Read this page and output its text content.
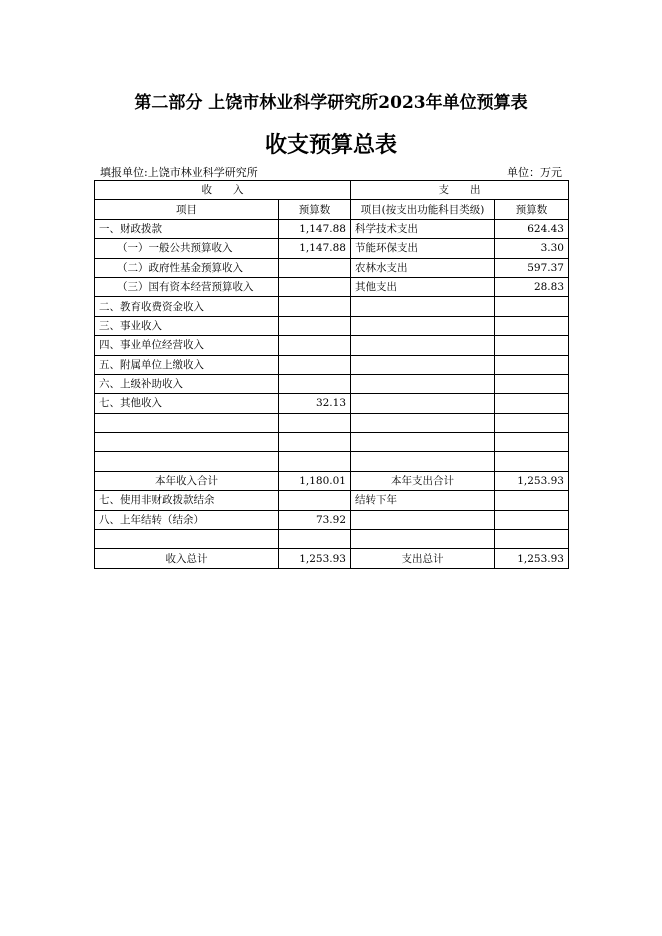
第二部分 上饶市林业科学研究所2023年单位预算表
收支预算总表
填报单位:上饶市林业科学研究所	单位：万元
收　　入		支　　出	
项目	预算数	项目(按支出功能科目类级)	预算数
一、财政拨款	1,147.88	科学技术支出	624.43
（一）一般公共预算收入	1,147.88	节能环保支出	3.30
（二）政府性基金预算收入		农林水支出	597.37
（三）国有资本经营预算收入		其他支出	28.83
二、教育收费资金收入			
三、事业收入			
四、事业单位经营收入			
五、附属单位上缴收入			
六、上级补助收入			
七、其他收入	32.13		

本年收入合计	1,180.01	本年支出合计	1,253.93
七、使用非财政拨款结余		结转下年	
八、上年结转（结余）	73.92		

收入总计	1,253.93	支出总计	1,253.93
